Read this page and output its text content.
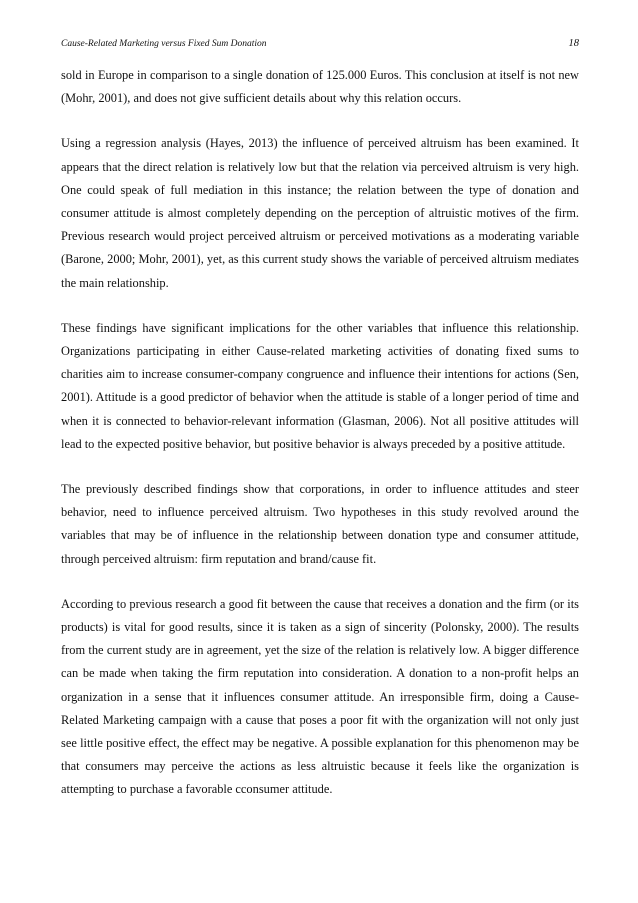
Cause-Related Marketing versus Fixed Sum Donation	18

sold in Europe in comparison to a single donation of 125.000 Euros. This conclusion at itself is not new (Mohr, 2001), and does not give sufficient details about why this relation occurs.

Using a regression analysis (Hayes, 2013) the influence of perceived altruism has been examined. It appears that the direct relation is relatively low but that the relation via perceived altruism is very high. One could speak of full mediation in this instance; the relation between the type of donation and consumer attitude is almost completely depending on the perception of altruistic motives of the firm. Previous research would project perceived altruism or perceived motivations as a moderating variable (Barone, 2000; Mohr, 2001), yet, as this current study shows the variable of perceived altruism mediates the main relationship.

These findings have significant implications for the other variables that influence this relationship. Organizations participating in either Cause-related marketing activities of donating fixed sums to charities aim to increase consumer-company congruence and influence their intentions for actions (Sen, 2001). Attitude is a good predictor of behavior when the attitude is stable of a longer period of time and when it is connected to behavior-relevant information (Glasman, 2006). Not all positive attitudes will lead to the expected positive behavior, but positive behavior is always preceded by a positive attitude.

The previously described findings show that corporations, in order to influence attitudes and steer behavior, need to influence perceived altruism. Two hypotheses in this study revolved around the variables that may be of influence in the relationship between donation type and consumer attitude, through perceived altruism: firm reputation and brand/cause fit.

According to previous research a good fit between the cause that receives a donation and the firm (or its products) is vital for good results, since it is taken as a sign of sincerity (Polonsky, 2000). The results from the current study are in agreement, yet the size of the relation is relatively low. A bigger difference can be made when taking the firm reputation into consideration. A donation to a non-profit helps an organization in a sense that it influences consumer attitude. An irresponsible firm, doing a Cause-Related Marketing campaign with a cause that poses a poor fit with the organization will not only just see little positive effect, the effect may be negative. A possible explanation for this phenomenon may be that consumers may perceive the actions as less altruistic because it feels like the organization is attempting to purchase a favorable cconsumer attitude.
